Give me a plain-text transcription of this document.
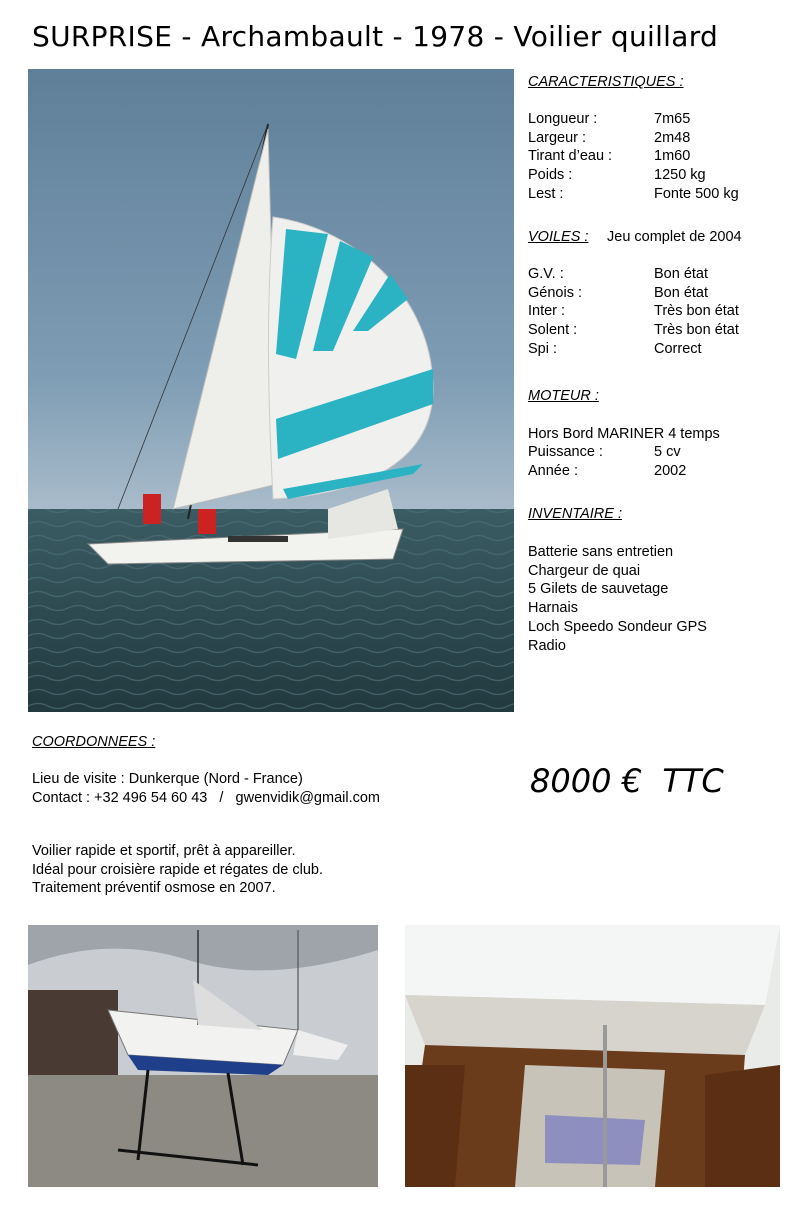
SURPRISE - Archambault - 1978 - Voilier quillard
CARACTERISTIQUES :
Longueur :	7m65
Largeur :	2m48
Tirant d’eau :	1m60
Poids :	1250 kg
Lest :	Fonte 500 kg
VOILES : Jeu complet de 2004
G.V. :	Bon état
Génois :	Bon état
Inter :	Très bon état
Solent :	Très bon état
Spi :	Correct
MOTEUR :
Hors Bord MARINER 4 temps
Puissance :	5 cv
Année :	2002
INVENTAIRE :
Batterie sans entretien
Chargeur de quai
5 Gilets de sauvetage
Harnais
Loch Speedo Sondeur GPS
Radio
COORDONNEES :
Lieu de visite : Dunkerque (Nord - France)
Contact : +32 496 54 60 43   /   gwenvidik@gmail.com	8000 €  TTC
Voilier rapide et sportif, prêt à appareiller.
Idéal pour croisière rapide et régates de club.
Traitement préventif osmose en 2007.
